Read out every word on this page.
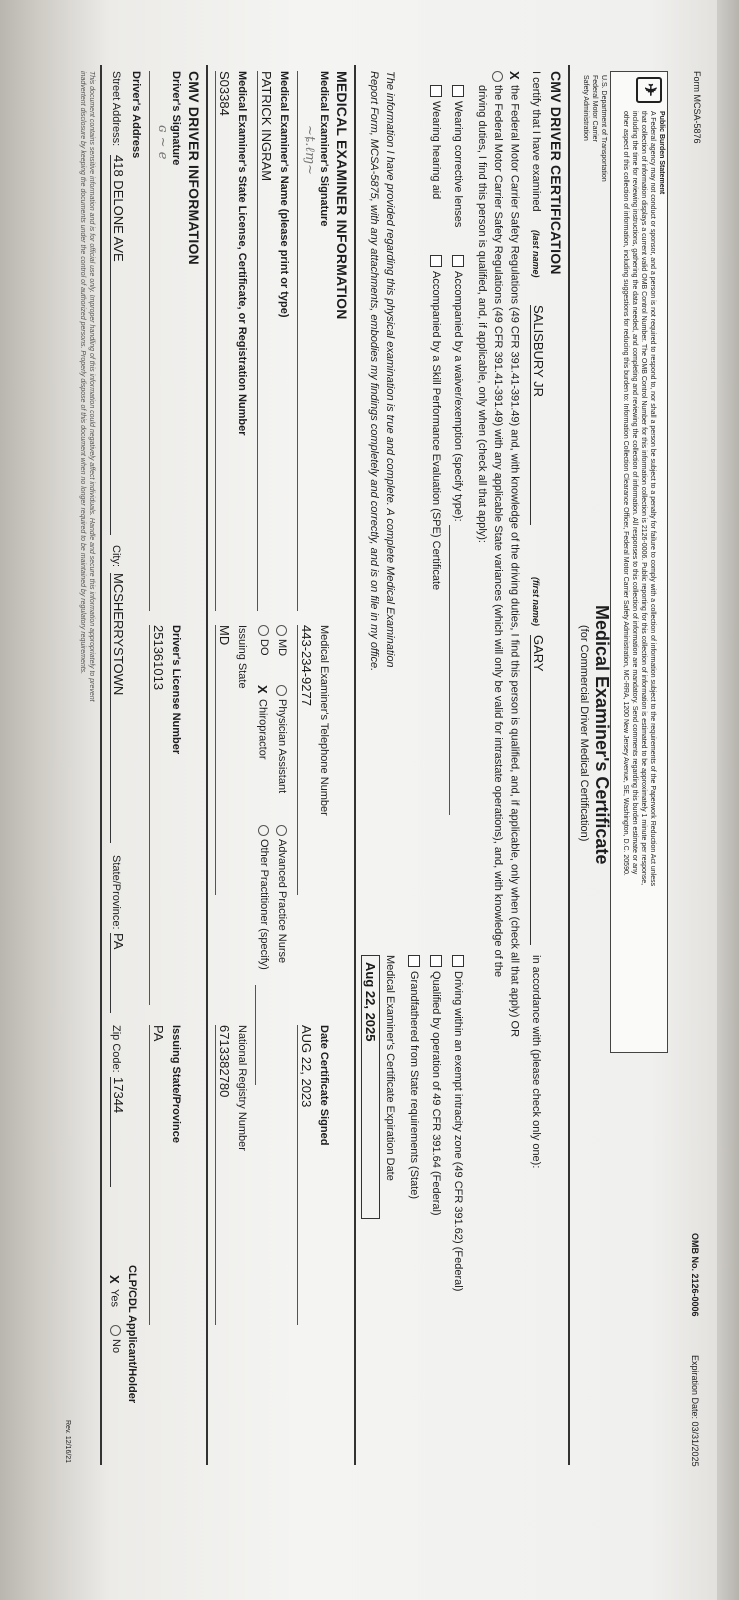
Form MCSA-5876
OMB No. 2126-0006
Expiration Date: 03/31/2025
✈
Public Burden Statement
A Federal agency may not conduct or sponsor, and a person is not required to respond to, nor shall a person be subject to a penalty for failure to comply with a collection of information subject to the requirements of the Paperwork Reduction Act unless
that collection of information displays a current valid OMB Control Number. The OMB Control Number for this information collection is 2126-0006. Public reporting for this collection of information is estimated to be approximately 1 minute per response,
including the time for reviewing instructions, gathering the data needed, and completing and reviewing the collection of information. All responses to this collection of information are mandatory. Send comments regarding this burden estimate or any
other aspect of this collection of information, including suggestions for reducing this burden to: Information Collection Clearance Officer, Federal Motor Carrier Safety Administration, MC-RRA, 1200 New Jersey Avenue, SE, Washington, D.C. 20590.
U.S. Department of Transportation
Federal Motor Carrier
Safety Administration
Medical Examiner's Certificate
(for Commercial Driver Medical Certification)
CMV DRIVER CERTIFICATION
I certify that I have examined
(last name)
SALISBURY JR
(first name)
GARY
in accordance with (please check only one):
Xthe Federal Motor Carrier Safety Regulations (49 CFR 391.41-391.49) and, with knowledge of the driving duties, I find this person is qualified, and, if applicable, only when (check all that apply) OR
the Federal Motor Carrier Safety Regulations (49 CFR 391.41-391.49) with any applicable State variances (which will only be valid for intrastate operations), and, with knowledge of the
driving duties, I find this person is qualified, and, if applicable, only when (check all that apply):
Wearing corrective lenses
Wearing hearing aid
Accompanied by a waiver/exemption (specify type):
Accompanied by a Skill Performance Evaluation (SPE) Certificate
Driving within an exempt intracity zone (49 CFR 391.62) (Federal)
Qualified by operation of 49 CFR 391.64 (Federal)
Grandfathered from State requirements (State)
The information I have provided regarding this physical examination is true and complete. A complete Medical Examination
Report Form, MCSA-5875, with any attachments, embodies my findings completely and correctly, and is on file in my office.
Medical Examiner's Certificate Expiration Date
Aug 22, 2025
MEDICAL EXAMINER INFORMATION
Medical Examiner's Signature
~ȶ.ℓɱ~
Medical Examiner's Telephone Number
443-234-9277
Date Certificate Signed
AUG 22, 2023
Medical Examiner's Name (please print or type)
PATRICK INGRAM
MD
DO
Physician Assistant
XChiropractor
Advanced Practice Nurse
Other Practitioner (specify)
Medical Examiner's State License, Certificate, or Registration Number
S03384
Issuing State
MD
National Registry Number
6713382780
CMV DRIVER INFORMATION
Driver's Signature
ɢ ~ e
Driver's License Number
251361013
Issuing State/Province
PA
Driver's Address
Street Address:
418 DELONE AVE
City:
MCSHERRYSTOWN
State/Province:
PA
Zip Code:
17344
CLP/CDL Applicant/Holder
XYes
No
This document contains sensitive information and is for official use only. Improper handling of this information could negatively affect individuals. Handle and secure this information appropriately to prevent
inadvertent disclosure by keeping the documents under the control of authorized persons. Properly dispose of this document when no longer required to be maintained by regulatory requirements.
Rev. 12/16/21
